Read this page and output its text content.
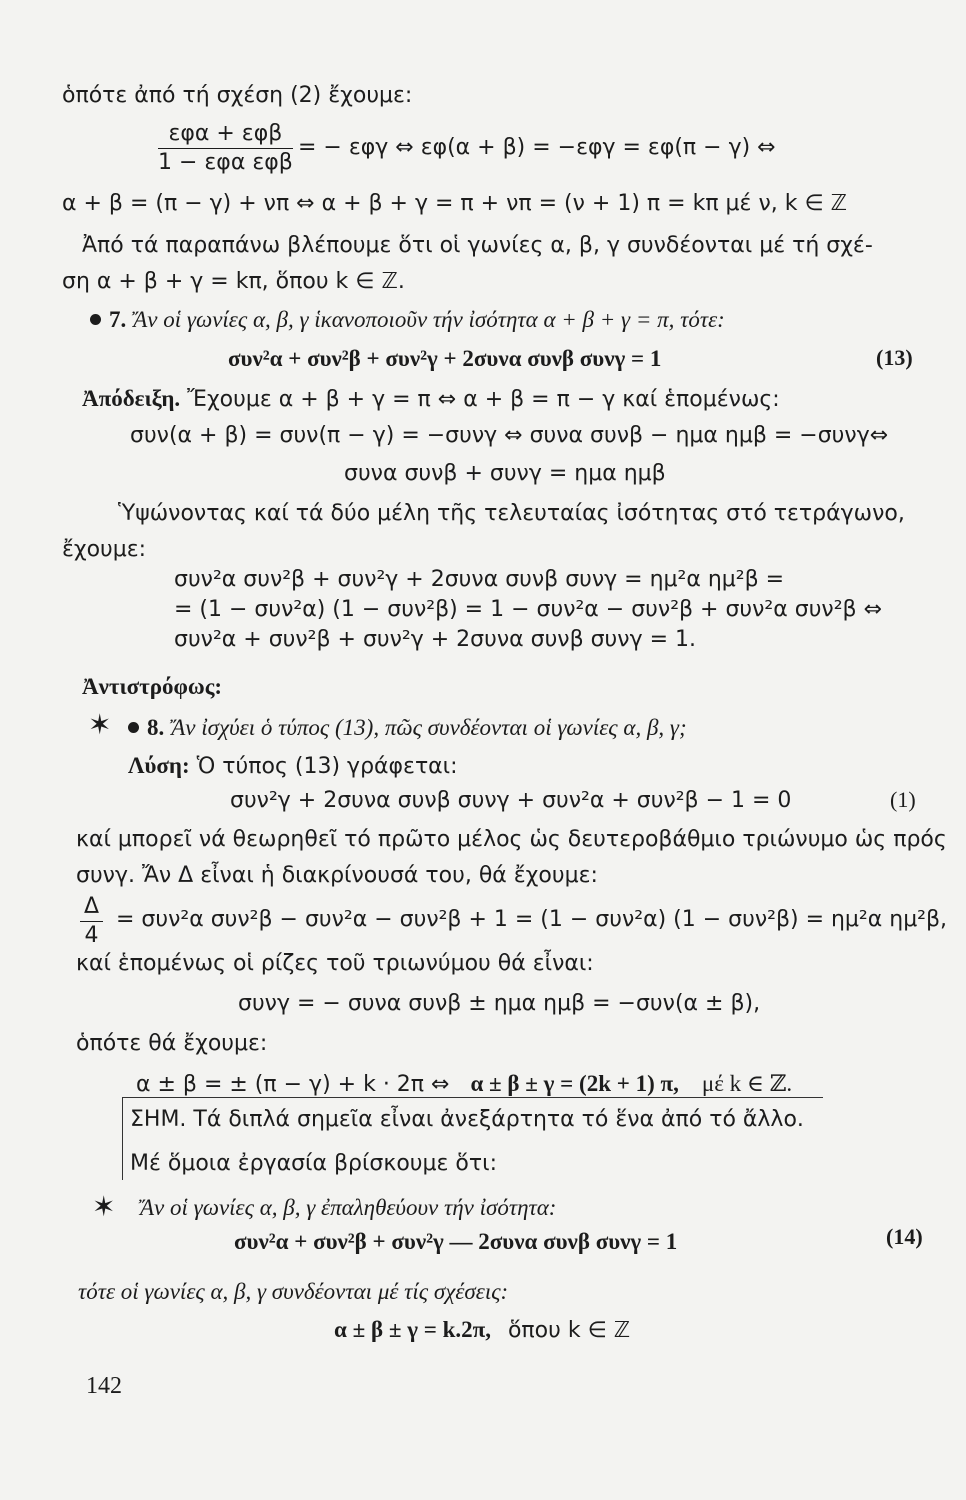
ὁπότε ἀπό τή σχέση (2) ἔχουμε:
εφα + εφβ
1 − εφα εφβ
= − εφγ ⇔ εφ(α + β) = −εφγ = εφ(π − γ) ⇔
α + β = (π − γ) + νπ ⇔ α + β + γ = π + νπ = (ν + 1) π = kπ μέ ν, k ∈ ℤ
Ἀπό τά παραπάνω βλέπουμε ὅτι οἱ γωνίες α, β, γ συνδέονται μέ τή σχέ-
ση α + β + γ = kπ, ὅπου k ∈ ℤ.
7. Ἄν οἱ γωνίες α, β, γ ἱκανοποιοῦν τήν ἰσότητα α + β + γ = π, τότε:
συν²α + συν²β + συν²γ + 2συνα συνβ συνγ = 1	(13)
Ἀπόδειξη. Ἔχουμε α + β + γ = π ⇔ α + β = π − γ καί ἑπομένως:
συν(α + β) = συν(π − γ) = −συνγ ⇔ συνα συνβ − ημα ημβ = −συνγ⇔
συνα συνβ + συνγ = ημα ημβ
Ὑψώνοντας καί τά δύο μέλη τῆς τελευταίας ἰσότητας στό τετράγωνο,
ἔχουμε:
συν²α συν²β + συν²γ + 2συνα συνβ συνγ = ημ²α ημ²β =
= (1 − συν²α) (1 − συν²β) = 1 − συν²α − συν²β + συν²α συν²β ⇔
συν²α + συν²β + συν²γ + 2συνα συνβ συνγ = 1.
Ἀντιστρόφως:
✶	8. Ἄν ἰσχύει ὁ τύπος (13), πῶς συνδέονται οἱ γωνίες α, β, γ;
Λύση: Ὁ τύπος (13) γράφεται:
συν²γ + 2συνα συνβ συνγ + συν²α + συν²β − 1 = 0	(1)
καί μπορεῖ νά θεωρηθεῖ τό πρῶτο μέλος ὡς δευτεροβάθμιο τριώνυμο ὡς πρός
συνγ. Ἄν Δ εἶναι ἡ διακρίνουσά του, θά ἔχουμε:
$\frac{\Delta}{4} = \sigma\upsilon\nu^2\alpha$ συν²β − συν²α − συν²β + 1 = (1 − συν²α) (1 − συν²β) = ημ²α ημ²β,
καί ἑπομένως οἱ ρίζες τοῦ τριωνύμου θά εἶναι:
συνγ = − συνα συνβ ± ημα ημβ = −συν(α ± β),
ὁπότε θά ἔχουμε:
α ± β = ± (π − γ) + k · 2π ⇔ α ± β ± γ = (2k + 1) π, μέ k ∈ ℤ.
ΣΗΜ. Τά διπλά σημεῖα εἶναι ἀνεξάρτητα τό ἕνα ἀπό τό ἄλλο.
Μέ ὅμοια ἐργασία βρίσκουμε ὅτι:
✶ Ἄν οἱ γωνίες α, β, γ ἐπαληθεύουν τήν ἰσότητα:
συν²α + συν²β + συν²γ — 2συνα συνβ συνγ = 1	(14)
τότε οἱ γωνίες α, β, γ συνδέονται μέ τίς σχέσεις:
α ± β ± γ = k.2π, ὅπου k ∈ ℤ
142
